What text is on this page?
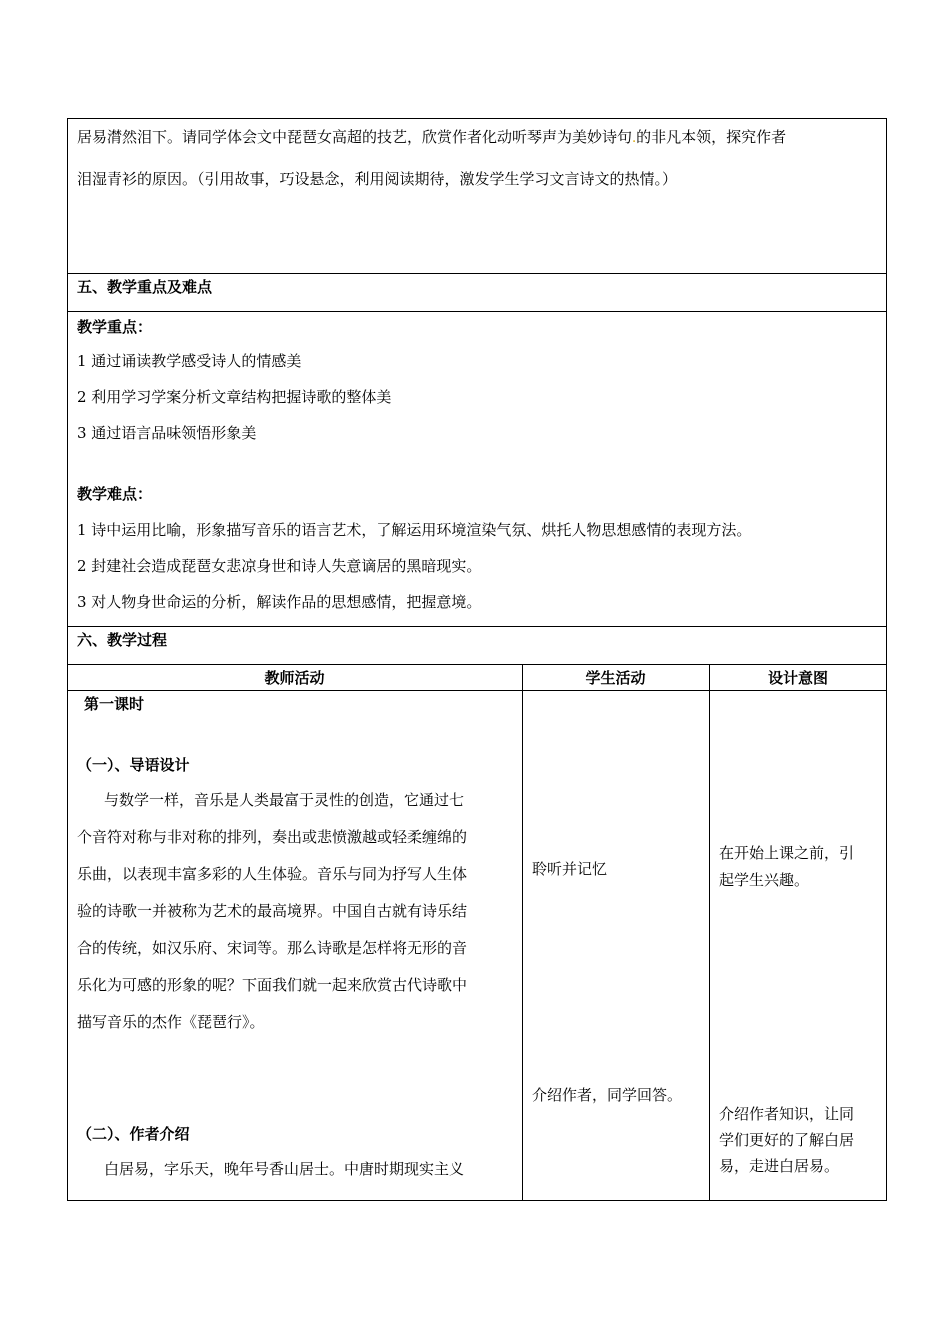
居易潸然泪下。请同学体会文中琵琶女高超的技艺，欣赏作者化动听琴声为美妙诗句.的非凡本领，探究作者
泪湿青衫的原因。（引用故事，巧设悬念，利用阅读期待，激发学生学习文言诗文的热情。）
五、教学重点及难点
教学重点：
1 通过诵读教学感受诗人的情感美
2 利用学习学案分析文章结构把握诗歌的整体美
3 通过语言品味领悟形象美
教学难点：
1 诗中运用比喻，形象描写音乐的语言艺术，了解运用环境渲染气氛、烘托人物思想感情的表现方法。
2 封建社会造成琵琶女悲凉身世和诗人失意谪居的黑暗现实。
3 对人物身世命运的分析，解读作品的思想感情，把握意境。
六、教学过程
教师活动	学生活动	设计意图
第一课时
（一）、导语设计
与数学一样，音乐是人类最富于灵性的创造，它通过七
个音符对称与非对称的排列，奏出或悲愤激越或轻柔缠绵的
乐曲，以表现丰富多彩的人生体验。音乐与同为抒写人生体
验的诗歌一并被称为艺术的最高境界。中国自古就有诗乐结
合的传统，如汉乐府、宋词等。那么诗歌是怎样将无形的音
乐化为可感的形象的呢？下面我们就一起来欣赏古代诗歌中
描写音乐的杰作《琵琶行》。
（二）、作者介绍
白居易，字乐天，晚年号香山居士。中唐时期现实主义
聆听并记忆
介绍作者，同学回答。
在开始上课之前，引
起学生兴趣。
介绍作者知识，让同
学们更好的了解白居
易，走进白居易。
